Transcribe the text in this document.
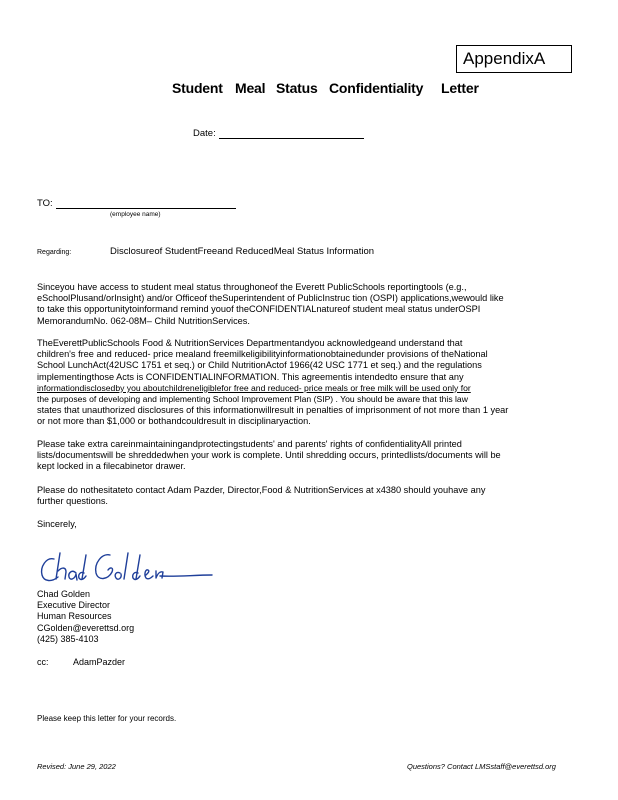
AppendixA
Student Meal Status Confidentiality Letter
Date:
TO:
(employee name)
Regarding:	Disclosureof StudentFreeand ReducedMeal Status Information
Sinceyou have access to student meal status throughoneof the Everett PublicSchools reportingtools (e.g.,
eSchoolPlusand/orInsight) and/or Officeof theSuperintendent of PublicInstruc tion (OSPI) applications,wewould like
to take this opportunitytoinformand remind youof theCONFIDENTIALnatureof student meal status underOSPI
MemorandumNo. 062-08M– Child NutritionServices.
TheEverettPublicSchools Food & NutritionServices Departmentandyou acknowledgeand understand that
children's free and reduced- price mealand freemilkeligibilityinformationobtainedunder provisions of theNational
School LunchAct(42USC 1751 et seq.) or Child NutritionActof 1966(42 USC 1771 et seq.) and the regulations
implementingthose Acts is CONFIDENTIALINFORMATION. This agreementis intendedto ensure that any
informationdisclosedby you aboutchildreneligiblefor free and reduced- price meals or free milk will be used only for
the purposes of developing and implementing School Improvement Plan (SIP) . You should be aware that this law
states that unauthorized disclosures of this informationwillresult in penalties of imprisonment of not more than 1 year
or not more than $1,000 or bothandcouldresult in disciplinaryaction.
Please take extra careinmaintainingandprotectingstudents' and parents' rights of confidentialityAll printed
lists/documentswill be shreddedwhen your work is complete. Until shredding occurs, printedlists/documents will be
kept locked in a filecabinetor drawer.
Please do nothesitateto contact Adam Pazder, Director,Food & NutritionServices at x4380 should youhave any
further questions.
Sincerely,
Chad Golden
Executive Director
Human Resources
CGolden@everettsd.org
(425) 385-4103
cc:	AdamPazder
Please keep this letter for your records.
Revised: June 29, 2022	Questions? Contact LMSstaff@everettsd.org
